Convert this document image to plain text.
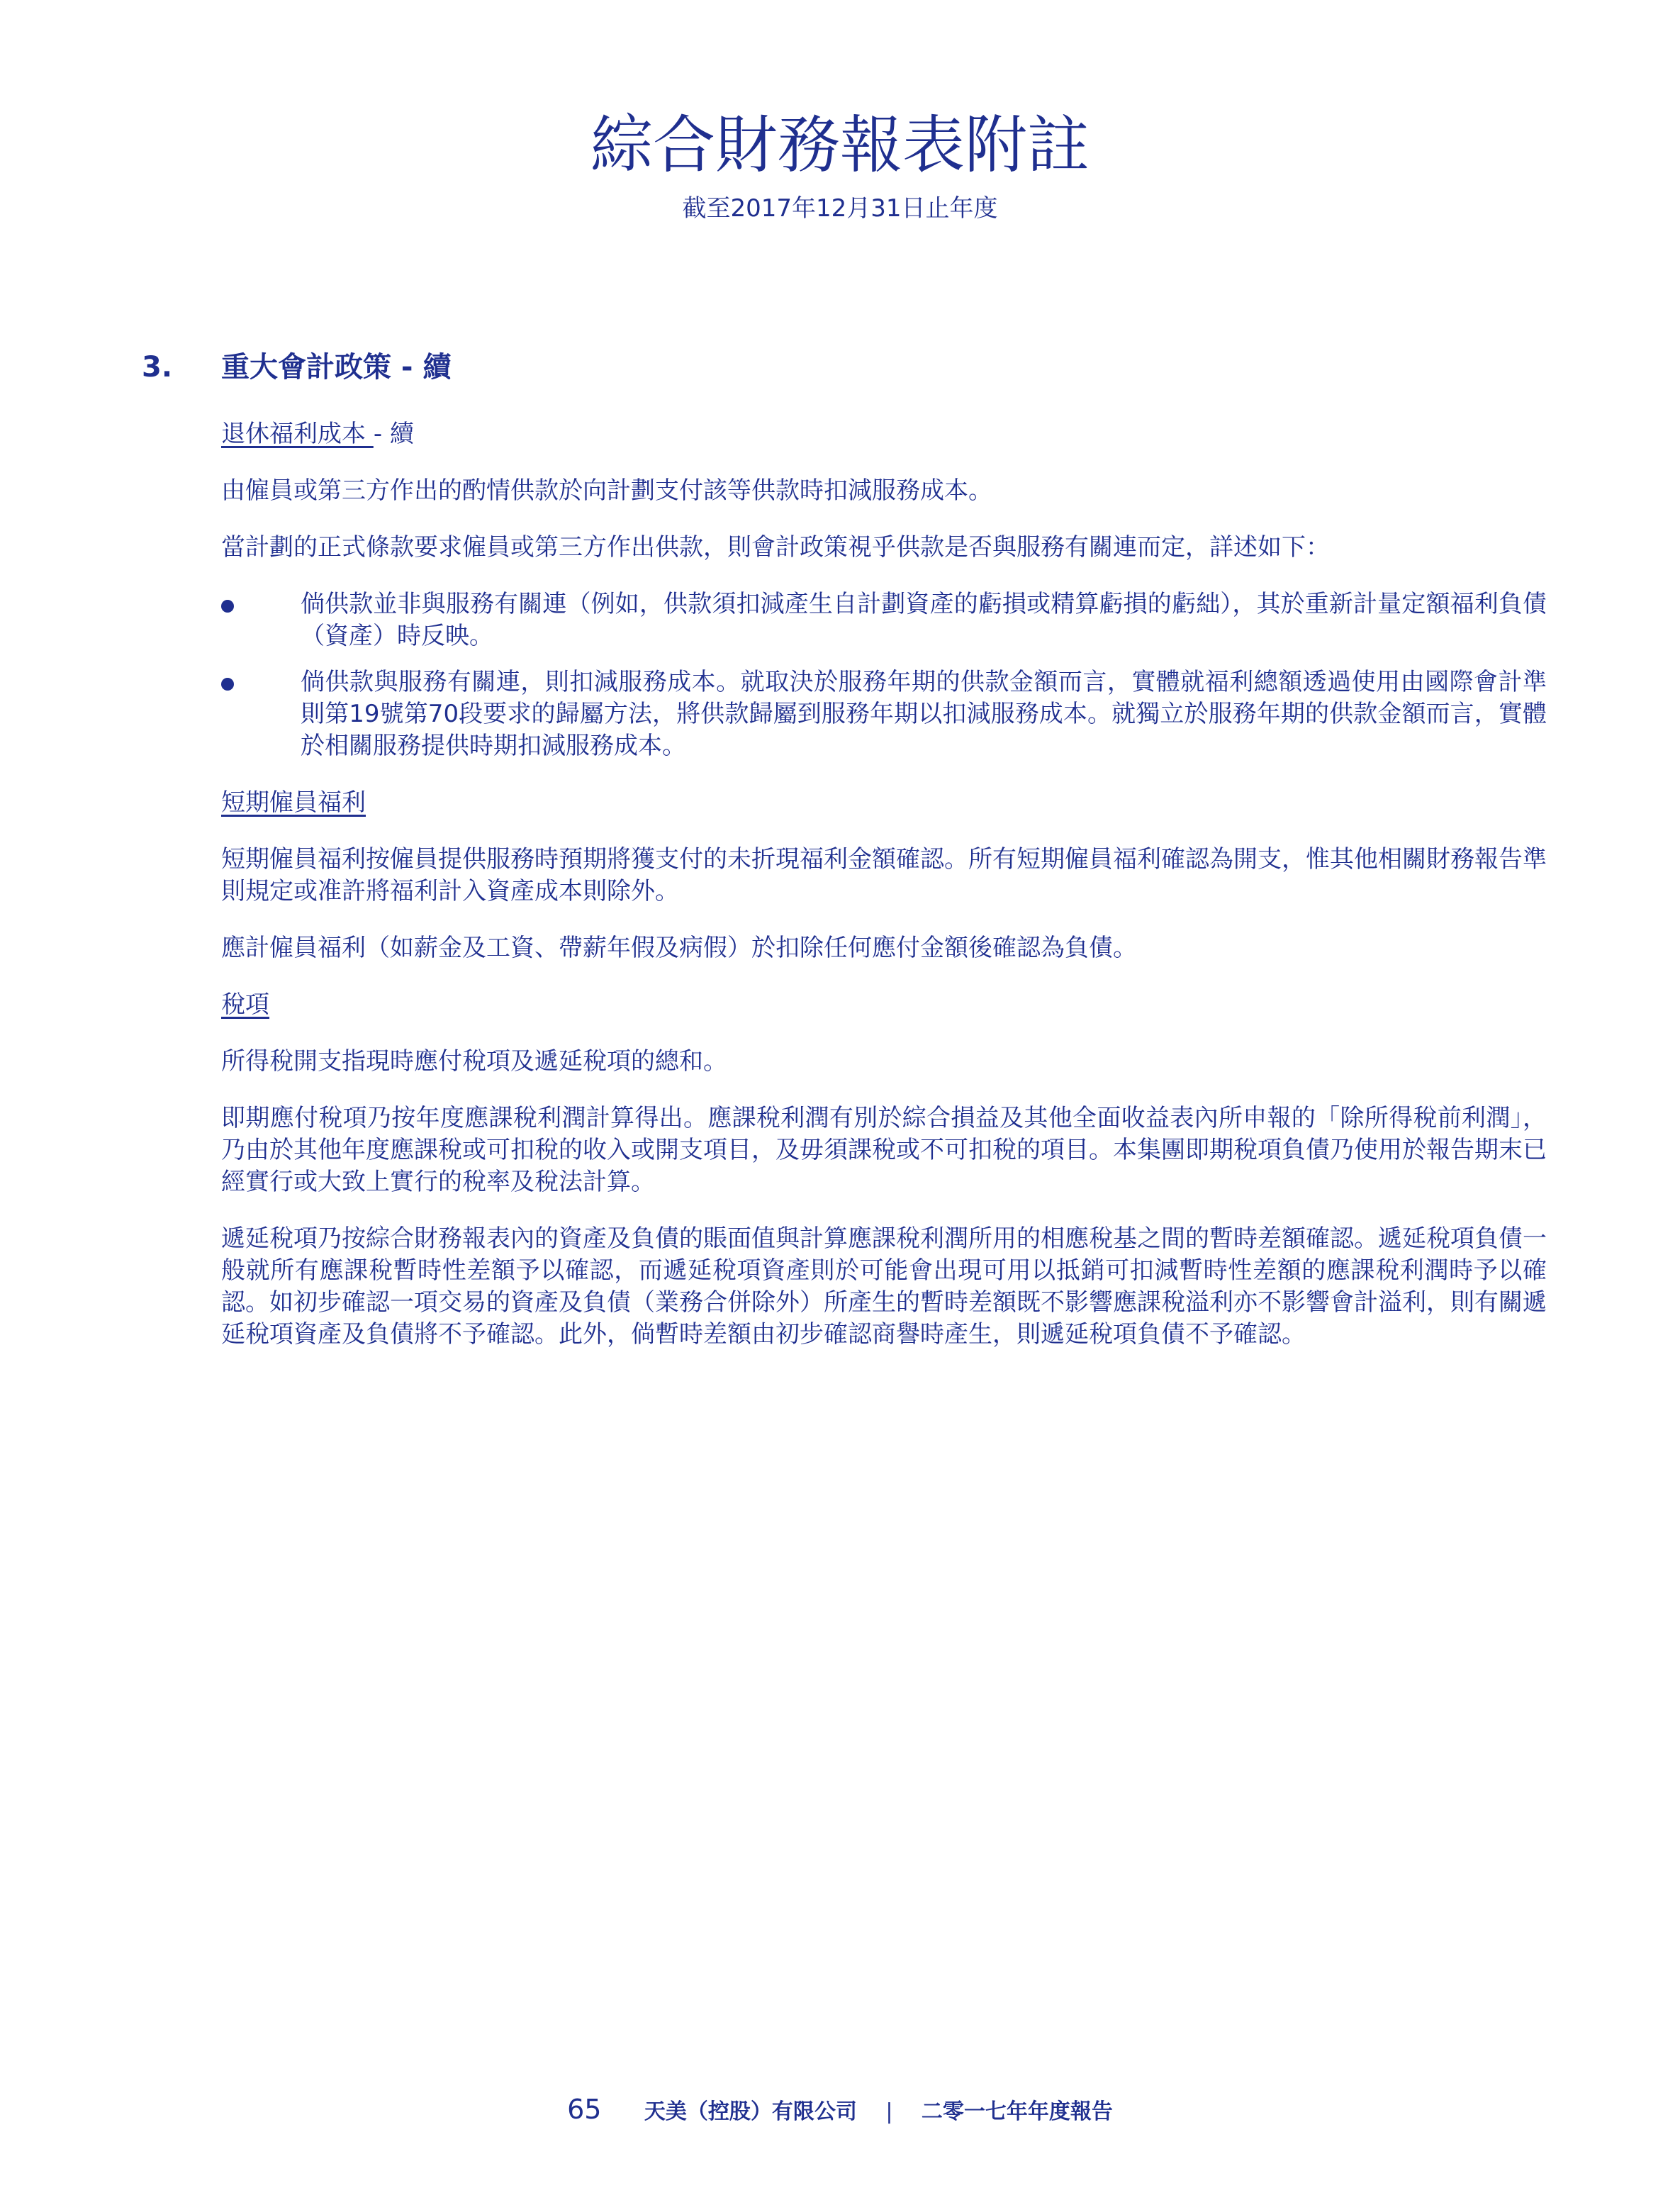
綜合財務報表附註
截至2017年12月31日止年度
3. 重大會計政策 - 續
退休福利成本 - 續

由僱員或第三方作出的酌情供款於向計劃支付該等供款時扣減服務成本。

當計劃的正式條款要求僱員或第三方作出供款，則會計政策視乎供款是否與服務有關連而定，詳述如下：

倘供款並非與服務有關連（例如，供款須扣減產生自計劃資產的虧損或精算虧損的虧絀），其於重新計量定額福利負債（資產）時反映。
倘供款與服務有關連，則扣減服務成本。就取決於服務年期的供款金額而言，實體就福利總額透過使用由國際會計準則第19號第70段要求的歸屬方法，將供款歸屬到服務年期以扣減服務成本。就獨立於服務年期的供款金額而言，實體於相關服務提供時期扣減服務成本。
短期僱員福利

短期僱員福利按僱員提供服務時預期將獲支付的未折現福利金額確認。所有短期僱員福利確認為開支，惟其他相關財務報告準則規定或准許將福利計入資產成本則除外。

應計僱員福利（如薪金及工資、帶薪年假及病假）於扣除任何應付金額後確認為負債。

稅項

所得稅開支指現時應付稅項及遞延稅項的總和。

即期應付稅項乃按年度應課稅利潤計算得出。應課稅利潤有別於綜合損益及其他全面收益表內所申報的「除所得稅前利潤」，乃由於其他年度應課稅或可扣稅的收入或開支項目，及毋須課稅或不可扣稅的項目。本集團即期稅項負債乃使用於報告期末已經實行或大致上實行的稅率及稅法計算。

遞延稅項乃按綜合財務報表內的資產及負債的賬面值與計算應課稅利潤所用的相應稅基之間的暫時差額確認。遞延稅項負債一般就所有應課稅暫時性差額予以確認，而遞延稅項資產則於可能會出現可用以抵銷可扣減暫時性差額的應課稅利潤時予以確認。如初步確認一項交易的資產及負債（業務合併除外）所產生的暫時差額既不影響應課稅溢利亦不影響會計溢利，則有關遞延稅項資產及負債將不予確認。此外，倘暫時差額由初步確認商譽時產生，則遞延稅項負債不予確認。

65 天美（控股）有限公司 | 二零一七年年度報告
